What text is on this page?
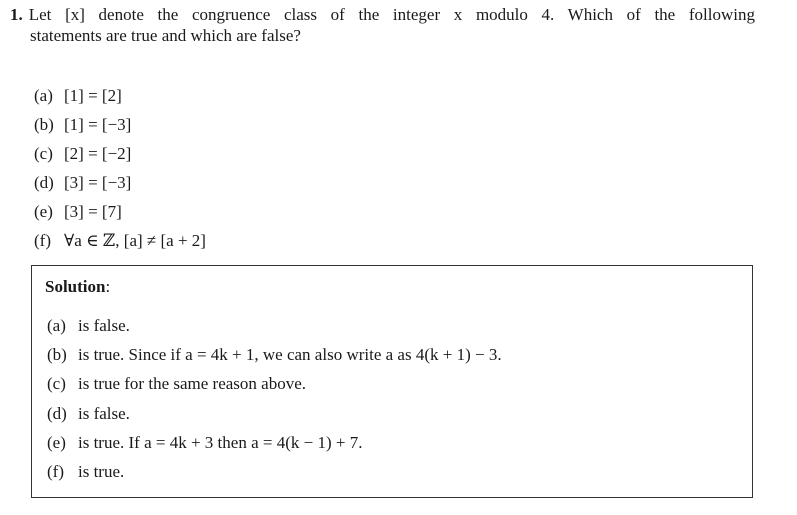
1. Let [x] denote the congruence class of the integer x modulo 4. Which of the following
statements are true and which are false?
(a) [1] = [2]
(b) [1] = [−3]
(c) [2] = [−2]
(d) [3] = [−3]
(e) [3] = [7]
(f) ∀a ∈ ℤ, [a] ≠ [a + 2]
Solution:
(a) is false.
(b) is true. Since if a = 4k + 1, we can also write a as 4(k + 1) − 3.
(c) is true for the same reason above.
(d) is false.
(e) is true. If a = 4k + 3 then a = 4(k − 1) + 7.
(f) is true.
